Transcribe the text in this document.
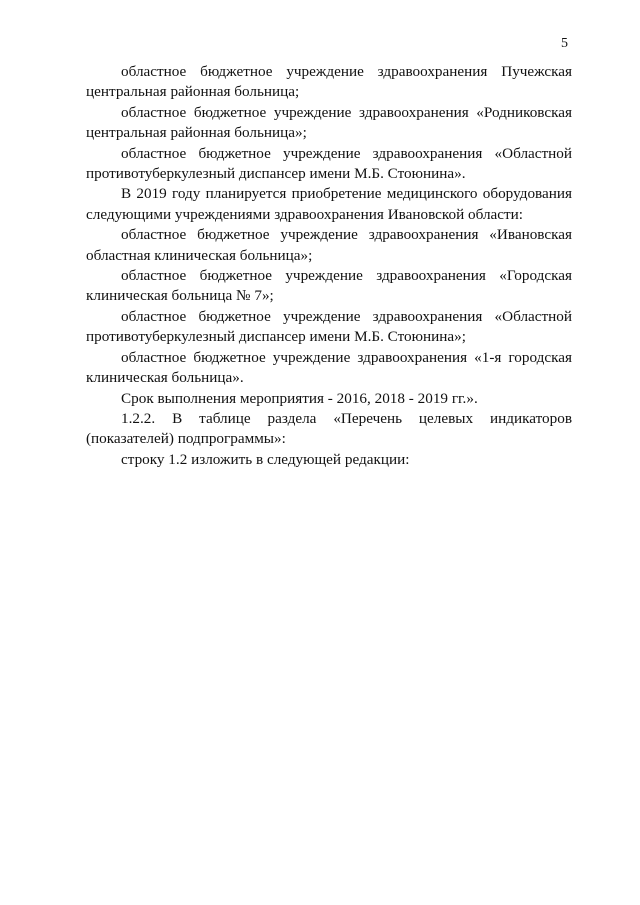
5

областное бюджетное учреждение здравоохранения Пучежская центральная районная больница;

областное бюджетное учреждение здравоохранения «Родниковская центральная районная больница»;

областное бюджетное учреждение здравоохранения «Областной противотуберкулезный диспансер имени М.Б. Стоюнина».

В 2019 году планируется приобретение медицинского оборудования следующими учреждениями здравоохранения Ивановской области:

областное бюджетное учреждение здравоохранения «Ивановская областная клиническая больница»;

областное бюджетное учреждение здравоохранения «Городская клиническая больница № 7»;

областное бюджетное учреждение здравоохранения «Областной противотуберкулезный диспансер имени М.Б. Стоюнина»;

областное бюджетное учреждение здравоохранения «1-я городская клиническая больница».

Срок выполнения мероприятия - 2016, 2018 - 2019 гг.».

1.2.2. В таблице раздела «Перечень целевых индикаторов (показателей) подпрограммы»:

строку 1.2 изложить в следующей редакции:
